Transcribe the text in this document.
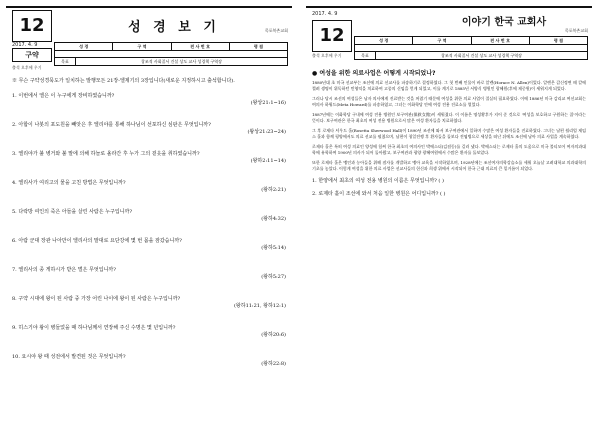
12
2017. 4. 9
성 경 보 기	목포북촌교회
구약
출석 오후에 우기
성 경	구 역	전 사 번 호	평 점
목표	창조적 사회질서 건설 상도 교사 성경책 구역장

※ 무슨 구약성경묵도가 일치하는 발행모든 21장-엘제기의 3장입니다(새로운 지정하시고 출석합니다).

1. 이번에서 엘은 이 누구에게 장비하였습니까?

(왕상21:1~16)

2. 아합이 나봇의 포도원을 빼앗은 후 엘리야를 통해 하나님이 선포하신 심판은 무엇입니까?

(왕상21:23~24)

3. 엘리야가 불 병거와 불 말에 의해 하늘로 올라간 후 누가 그의 겉옷을 취하였습니까?

(왕하2:11~14)

4. 엘리사가 여리고의 물을 고친 방법은 무엇입니까?

(왕하2:21)

5. 다락방 여인의 죽은 아들을 살린 사람은 누구입니까?

(왕하4:32)

6. 아람 군대 장관 나아만이 엘리사의 말대로 요단강에 몇 번 몸을 잠갔습니까?

(왕하5:14)

7. 엘리사의 종 게하시가 받은 벌은 무엇입니까?

(왕하5:27)

8. 구약 시대에 왕이 된 사람 중 가장 어린 나이에 왕이 된 사람은 누구입니까?

(왕하11:21, 왕하12:1)

9. 히스기야 왕이 병들었을 때 하나님께서 연장해 주신 수명은 몇 년입니까?

(왕하20:6)

10. 요시야 왕 때 성전에서 발견된 것은 무엇입니까?

(왕하22:8)

2017. 4. 9
12
이야기 한국 교회사
목포북촌교회
출석 오후에 우기
성 경	구 역	전 사 번 호	평 점
목표	창조적 사회질서 건설 상도 교사 성경책 구역장
● 여성을 위한 의료사업은 어떻게 시작되었나?

1880년대 초 미국 선교부는 조선에 의료 선교사를 파송하기로 결정하였다. 그 첫 번째 인물이 바로 알렌(Horace N. Allen)이었다. 알렌은 갑신정변 때 칼에 찔려 생명이 위독하던 민영익을 치료하여 고종의 신임을 얻게 되었고, 이를 계기로 1885년 서양식 병원인 광혜원(후에 제중원)이 세워지게 되었다.

그러나 당시 조선의 여성들은 남자 의사에게 진료받는 것을 꺼렸기 때문에 여성을 위한 의료 사업이 절실히 필요하였다. 이에 1886년 미국 감리교 여선교회는 여의사 하워드(Meta Howard)를 파송하였고, 그녀는 이화학당 안에 여성 전용 진료소를 열었다.

1887년에는 이화학당 구내에 여성 전용 병원인 보구여관(保救女館)이 세워졌다. 이 이름은 명성황후가 지어 준 것으로 '여성을 보호하고 구원하는 집'이라는 뜻이다. 보구여관은 한국 최초의 여성 전용 병원으로서 많은 여성 환자들을 치료하였다.

그 후 로제타 셔우드 홀(Rosetta Sherwood Hall)이 1890년 조선에 와서 보구여관에서 일하며 수많은 여성 환자들을 진료하였다. 그녀는 남편 윌리엄 제임스 홀과 함께 평양에서도 의료 선교를 펼쳤으며, 남편이 청일전쟁 후 환자들을 돌보다 전염병으로 세상을 떠난 뒤에도 조선에 남아 의료 사업을 계속하였다.

로제타 홀은 특히 여성 의료인 양성에 힘써 한국 최초의 여의사인 박에스더(김점동)를 길러 냈다. 박에스더는 로제타 홀의 도움으로 미국 볼티모어 여자의과대학에 유학하여 1900년 의사가 되어 돌아왔고, 보구여관과 평양 광혜여원에서 수많은 환자를 돌보았다.

또한 로제타 홀은 맹인과 농아들을 위해 점자를 개발하고 맹아 교육을 시작하였으며, 1928년에는 조선여자의학강습소를 세워 오늘날 고려대학교 의과대학의 기초를 놓았다. 이렇게 여성을 위한 의료 사업은 선교사들의 헌신과 희생 위에서 시작되어 한국 근대 의료의 큰 밑거름이 되었다.

1. 한양에서 최초의 여성 전용 병원의 이름은 무엇입니까? ( )
2. 로제타 홀이 조선에 와서 처음 일한 병원은 어디입니까? ( )
